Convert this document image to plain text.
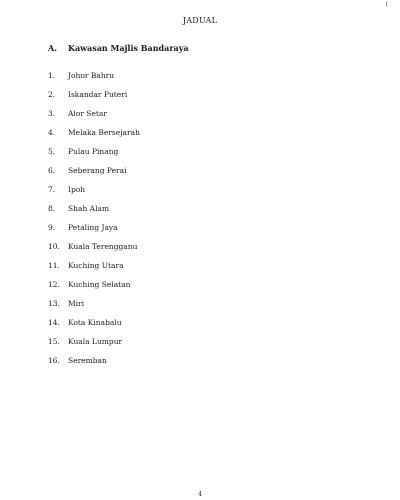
(
JADUAL
A. Kawasan Majlis Bandaraya
1. Johor Bahru
2. Iskandar Puteri
3. Alor Setar
4. Melaka Bersejarah
5. Pulau Pinang
6. Seberang Perai
7. Ipoh
8. Shah Alam
9. Petaling Jaya
10. Kuala Terengganu
11. Kuching Utara
12. Kuching Selatan
13. Miri
14. Kota Kinabalu
15. Kuala Lumpur
16. Seremban
4
